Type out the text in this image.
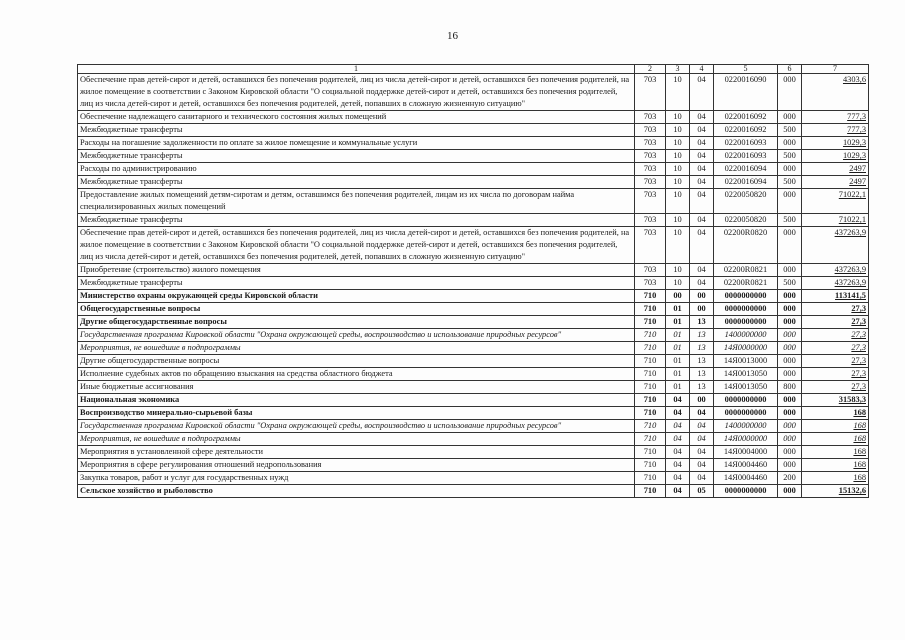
16
1	2	3	4	5	6	7
Обеспечение прав детей-сирот и детей, оставшихся без попечения родителей, лиц из числа детей-сирот и детей, оставшихся без попечения родителей, на жилое помещение в соответствии с Законом Кировской области "О социальной поддержке детей-сирот и детей, оставшихся без попечения родителей, лиц из числа детей-сирот и детей, оставшихся без попечения родителей, детей, попавших в сложную жизненную ситуацию"	703	10	04	0220016090	000	4303,6
Обеспечение надлежащего санитарного и технического состояния жилых помещений	703	10	04	0220016092	000	777,3
Межбюджетные трансферты	703	10	04	0220016092	500	777,3
Расходы на погашение задолженности по оплате за жилое помещение и коммунальные услуги	703	10	04	0220016093	000	1029,3
Межбюджетные трансферты	703	10	04	0220016093	500	1029,3
Расходы по администрированию	703	10	04	0220016094	000	2497
Межбюджетные трансферты	703	10	04	0220016094	500	2497
Предоставление жилых помещений детям-сиротам и детям, оставшимся без попечения родителей, лицам из их числа по договорам найма специализированных жилых помещений	703	10	04	0220050820	000	71022,1
Межбюджетные трансферты	703	10	04	0220050820	500	71022,1
Обеспечение прав детей-сирот и детей, оставшихся без попечения родителей, лиц из числа детей-сирот и детей, оставшихся без попечения родителей, на жилое помещение в соответствии с Законом Кировской области "О социальной поддержке детей-сирот и детей, оставшихся без попечения родителей, лиц из числа детей-сирот и детей, оставшихся без попечения родителей, детей, попавших в сложную жизненную ситуацию"	703	10	04	02200R0820	000	437263,9
Приобретение (строительство) жилого помещения	703	10	04	02200R0821	000	437263,9
Межбюджетные трансферты	703	10	04	02200R0821	500	437263,9
Министерство охраны окружающей среды Кировской области	710	00	00	0000000000	000	113141,5
Общегосударственные вопросы	710	01	00	0000000000	000	27,3
Другие общегосударственные вопросы	710	01	13	0000000000	000	27,3
Государственная программа Кировской области "Охрана окружающей среды, воспроизводство и использование природных ресурсов"	710	01	13	1400000000	000	27,3
Мероприятия, не вошедшие в подпрограммы	710	01	13	14Я0000000	000	27,3
Другие общегосударственные вопросы	710	01	13	14Я0013000	000	27,3
Исполнение судебных актов по обращению взыскания на средства областного бюджета	710	01	13	14Я0013050	000	27,3
Иные бюджетные ассигнования	710	01	13	14Я0013050	800	27,3
Национальная экономика	710	04	00	0000000000	000	31583,3
Воспроизводство минерально-сырьевой базы	710	04	04	0000000000	000	168
Государственная программа Кировской области "Охрана окружающей среды, воспроизводство и использование природных ресурсов"	710	04	04	1400000000	000	168
Мероприятия, не вошедшие в подпрограммы	710	04	04	14Я0000000	000	168
Мероприятия в установленной сфере деятельности	710	04	04	14Я0004000	000	168
Мероприятия в сфере регулирования отношений недропользования	710	04	04	14Я0004460	000	168
Закупка товаров, работ и услуг для государственных нужд	710	04	04	14Я0004460	200	168
Сельское хозяйство и рыболовство	710	04	05	0000000000	000	15132,6
